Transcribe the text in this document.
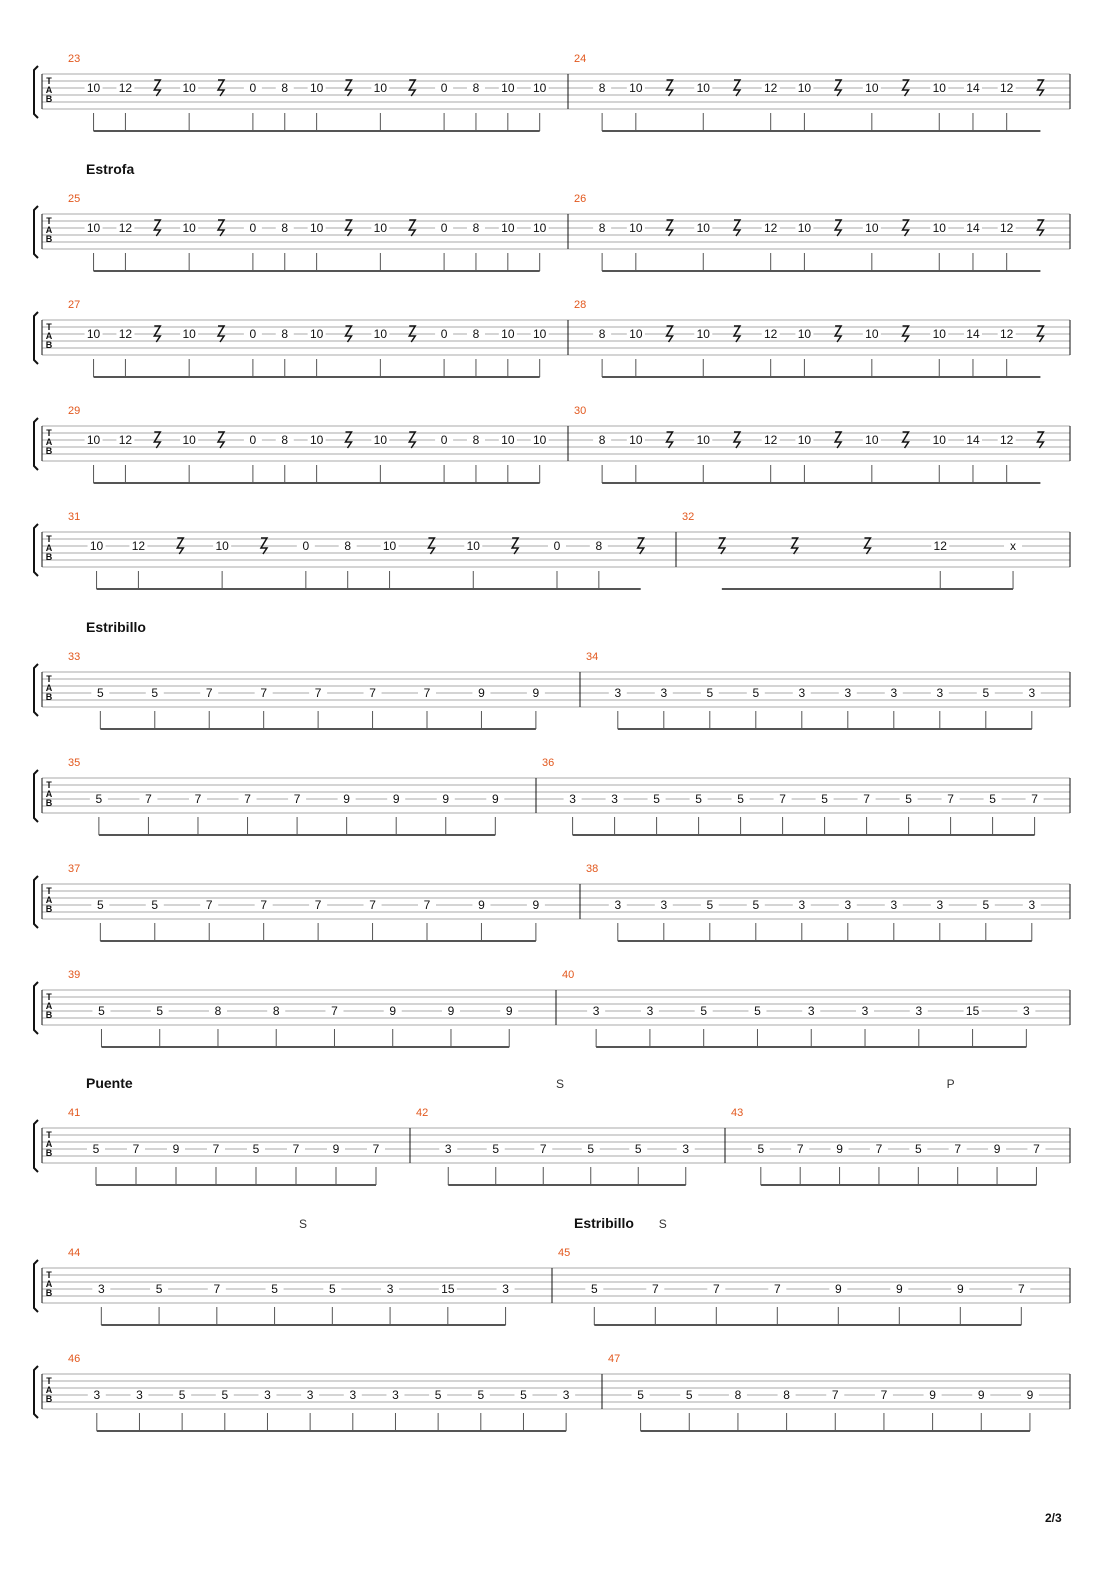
T
A
B
23
10 12	10	0 8 10	10	0 8 10 10
24
8 10	10	12 10	10	10 14 12
T
A
B
Estrofa
25
10 12	10	0 8 10	10	0 8 10 10
26
8 10	10	12 10	10	10 14 12
T
A
B
27
10 12	10	0 8 10	10	0 8 10 10
28
8 10	10	12 10	10	10 14 12
T
A
B
29
10 12	10	0 8 10	10	0 8 10 10
30
8 10	10	12 10	10	10 14 12
T
A
B
31
10 12	10	0	8	10	10	0	8
32
12	x
T
A
B
Estribillo
33
5	5	7	7	7	7	7	9	9
34
3	3	5	5	3	3	3	3	5	3
T
A
B
35
5	7	7	7	7	9	9	9	9
36
3	3	5	5	5	7	5	7	5	7	5	7
T
A
B
37
5	5	7	7	7	7	7	9	9
38
3	3	5	5	3	3	3	3	5	3
T
A
B
39
5	5	8	8	7	9	9	9
40
3	3	5	5	3	3	3	15	3
T
A
B
Puente	S	P
41
5	7	9	7	5	7	9	7
42
3	5	7	5	5	3
43
5	7	9	7	5	7	9	7
T
A
B
Estribillo
S	S
44
3	5	7	5	5	3	15	3
45
5	7	7	7	9	9	9	7
T
A
B
46
3	3	5	5	3	3	3	3	5	5	5	3
47
5	5	8	8	7	7	9	9	9
2/3
